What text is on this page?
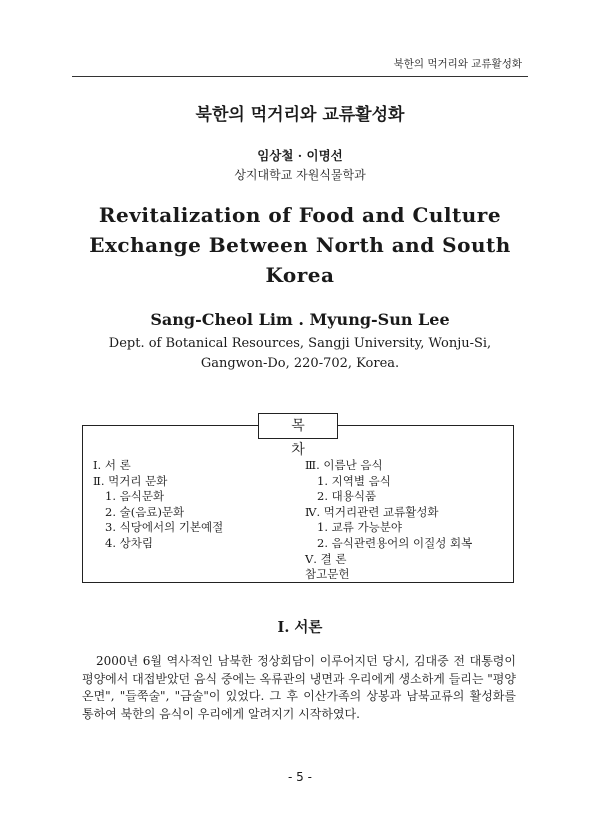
북한의 먹거리와 교류활성화
북한의 먹거리와 교류활성화
임상철 · 이명선
상지대학교 자원식물학과
Revitalization of Food and Culture
Exchange Between North and South
Korea
Sang-Cheol Lim . Myung-Sun Lee
Dept. of Botanical Resources, Sangji University, Wonju-Si,
Gangwon-Do, 220-702, Korea.
목 차
Ⅰ. 서 론
Ⅱ. 먹거리 문화
1. 음식문화
2. 술(음료)문화
3. 식당에서의 기본예절
4. 상차림
Ⅲ. 이름난 음식
1. 지역별 음식
2. 대용식품
Ⅳ. 먹거리관련 교류활성화
1. 교류 가능분야
2. 음식관련용어의 이질성 회복
Ⅴ. 결 론
참고문헌
Ⅰ. 서론
2000년 6월 역사적인 남북한 정상회담이 이루어지던 당시, 김대중 전 대통령이 평양에서 대접받았던 음식 중에는 옥류관의 냉면과 우리에게 생소하게 들리는 "평양온면", "들쭉술", "금술"이 있었다. 그 후 이산가족의 상봉과 남북교류의 활성화를 통하여 북한의 음식이 우리에게 알려지기 시작하였다.
- 5 -
